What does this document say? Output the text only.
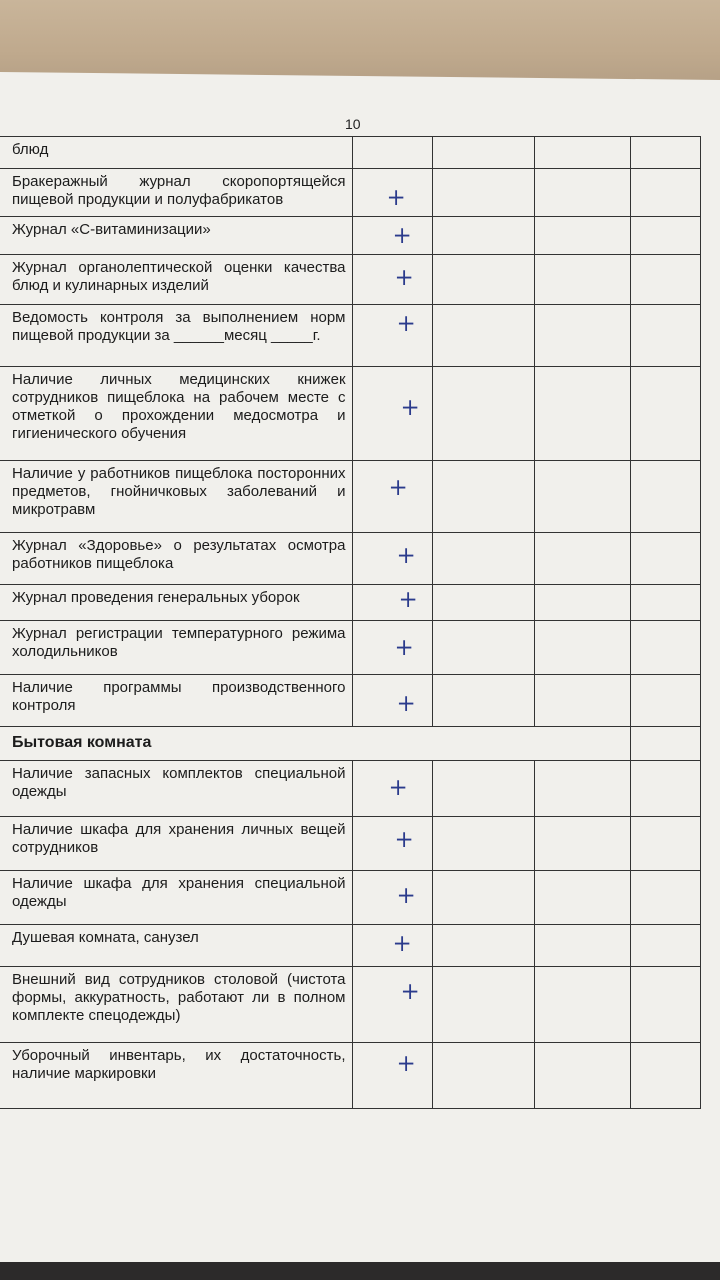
10
блюд				

Бракеражный журнал скоропортящейся пищевой продукции и полуфабрикатов	+			

Журнал «С-витаминизации»	+			

Журнал органолептической оценки качества блюд и кулинарных изделий	+			

Ведомость контроля за выполнением норм пищевой продукции за ______месяц _____г.	+			

Наличие личных медицинских книжек сотрудников пищеблока на рабочем месте с отметкой о прохождении медосмотра и гигиенического обучения	+			

Наличие у работников пищеблока посторонних предметов, гнойничковых заболеваний и микротравм	+			

Журнал «Здоровье» о результатах осмотра работников пищеблока	+			

Журнал проведения генеральных уборок	+			

Журнал регистрации температурного режима холодильников	+			

Наличие программы производственного контроля	+			

Бытовая комната				

Наличие запасных комплектов специальной одежды	+			

Наличие шкафа для хранения личных вещей сотрудников	+			

Наличие шкафа для хранения специальной одежды	+			

Душевая комната, санузел	+			

Внешний вид сотрудников столовой (чистота формы, аккуратность, работают ли в полном комплекте спецодежды)	+			

Уборочный инвентарь, их достаточность, наличие маркировки	+			
